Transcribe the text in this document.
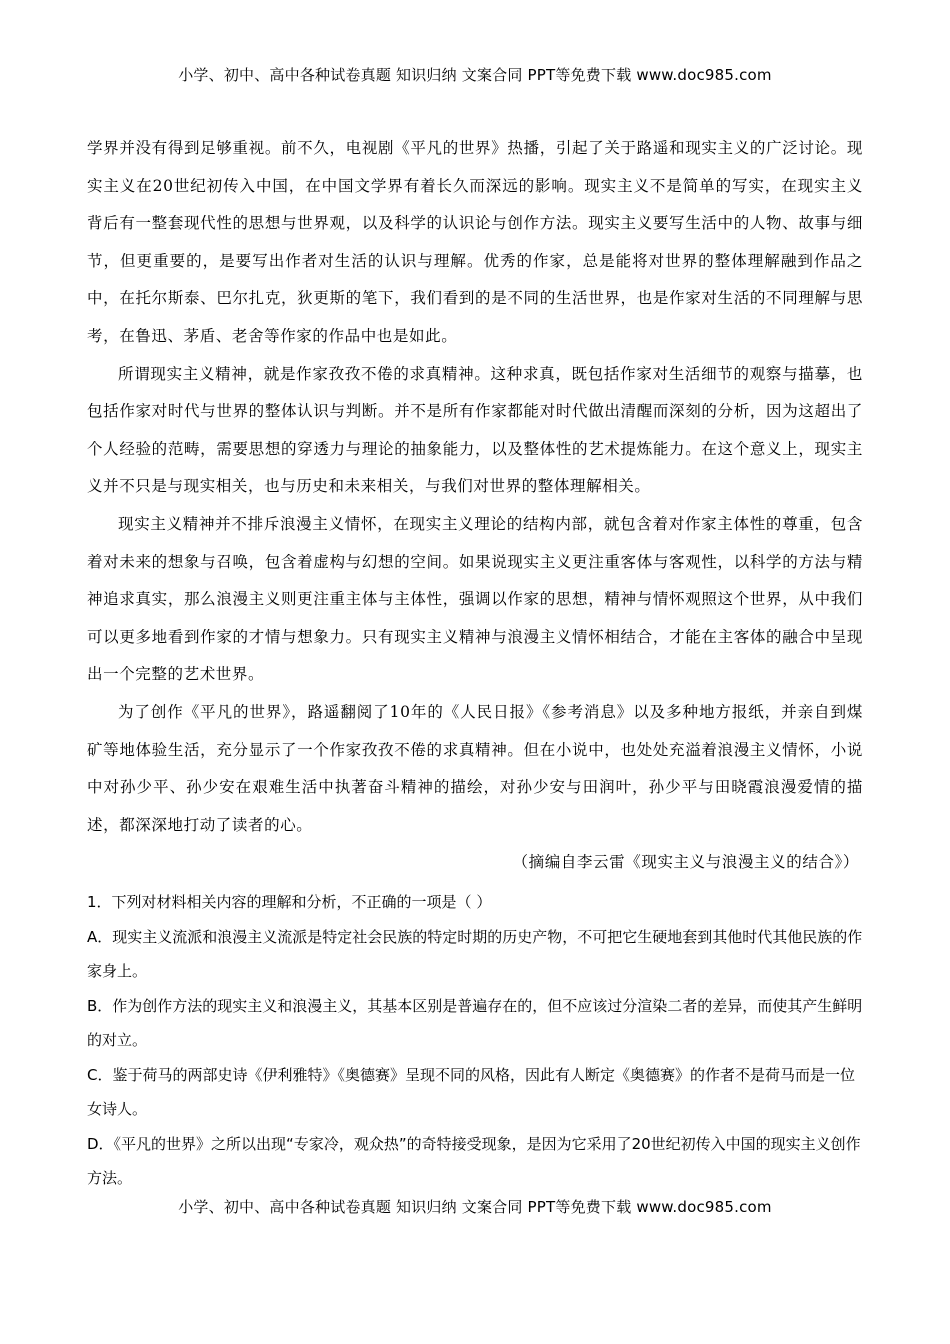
小学、初中、高中各种试卷真题 知识归纳 文案合同 PPT等免费下载 www.doc985.com

学界并没有得到足够重视。前不久，电视剧《平凡的世界》热播，引起了关于路遥和现实主义的广泛讨论。现实主义在20世纪初传入中国，在中国文学界有着长久而深远的影响。现实主义不是简单的写实，在现实主义背后有一整套现代性的思想与世界观，以及科学的认识论与创作方法。现实主义要写生活中的人物、故事与细节，但更重要的，是要写出作者对生活的认识与理解。优秀的作家，总是能将对世界的整体理解融到作品之中，在托尔斯泰、巴尔扎克，狄更斯的笔下，我们看到的是不同的生活世界，也是作家对生活的不同理解与思考，在鲁迅、茅盾、老舍等作家的作品中也是如此。

所谓现实主义精神，就是作家孜孜不倦的求真精神。这种求真，既包括作家对生活细节的观察与描摹，也包括作家对时代与世界的整体认识与判断。并不是所有作家都能对时代做出清醒而深刻的分析，因为这超出了个人经验的范畴，需要思想的穿透力与理论的抽象能力，以及整体性的艺术提炼能力。在这个意义上，现实主义并不只是与现实相关，也与历史和未来相关，与我们对世界的整体理解相关。

现实主义精神并不排斥浪漫主义情怀，在现实主义理论的结构内部，就包含着对作家主体性的尊重，包含着对未来的想象与召唤，包含着虚构与幻想的空间。如果说现实主义更注重客体与客观性，以科学的方法与精神追求真实，那么浪漫主义则更注重主体与主体性，强调以作家的思想，精神与情怀观照这个世界，从中我们可以更多地看到作家的才情与想象力。只有现实主义精神与浪漫主义情怀相结合，才能在主客体的融合中呈现出一个完整的艺术世界。

为了创作《平凡的世界》，路遥翻阅了10年的《人民日报》《参考消息》以及多种地方报纸，并亲自到煤矿等地体验生活，充分显示了一个作家孜孜不倦的求真精神。但在小说中，也处处充溢着浪漫主义情怀，小说中对孙少平、孙少安在艰难生活中执著奋斗精神的描绘，对孙少安与田润叶，孙少平与田晓霞浪漫爱情的描述，都深深地打动了读者的心。

（摘编自李云雷《现实主义与浪漫主义的结合》）

1．下列对材料相关内容的理解和分析，不正确的一项是（ ）

A．现实主义流派和浪漫主义流派是特定社会民族的特定时期的历史产物，不可把它生硬地套到其他时代其他民族的作家身上。

B．作为创作方法的现实主义和浪漫主义，其基本区别是普遍存在的，但不应该过分渲染二者的差异，而使其产生鲜明的对立。

C．鉴于荷马的两部史诗《伊利雅特》《奥德赛》呈现不同的风格，因此有人断定《奥德赛》的作者不是荷马而是一位女诗人。

D．《平凡的世界》之所以出现“专家冷，观众热”的奇特接受现象，是因为它采用了20世纪初传入中国的现实主义创作方法。

小学、初中、高中各种试卷真题 知识归纳 文案合同 PPT等免费下载 www.doc985.com
